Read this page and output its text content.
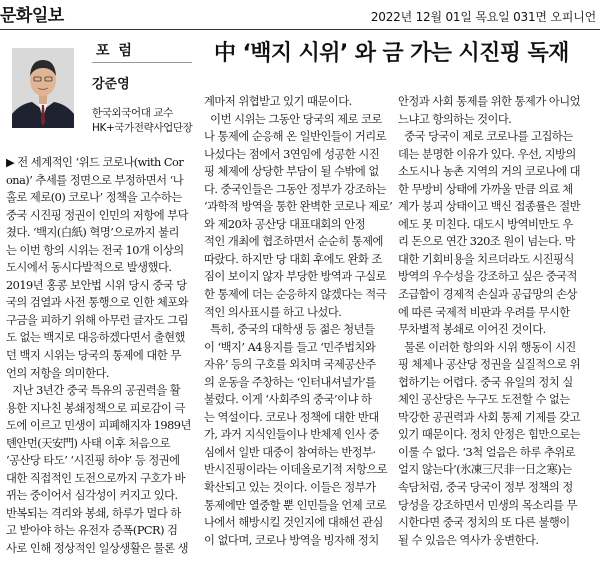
문화일보	2022년 12월 01일 목요일 031면 오피니언
포 럼
강준영
한국외국어대 교수
HK+국가전략사업단장
中 ‘백지 시위’ 와 금 가는 시진핑 독재
▶ 전 세계적인 ‘위드 코로나(with Cor
ona)’ 추세를 정면으로 부정하면서 ‘나
홀로 제로(0) 코로나’ 정책을 고수하는
중국 시진핑 정권이 인민의 저항에 부닥
쳤다. ‘백지(白紙) 혁명’으로까지 불리
는 이번 항의 시위는 전국 10개 이상의
도시에서 동시다발적으로 발생했다.
2019년 홍콩 보안법 시위 당시 중국 당
국의 검열과 사전 통행으로 인한 체포와
구금을 피하기 위해 아무런 글자도 그림
도 없는 백지로 대응하겠다면서 출현했
던 백지 시위는 당국의 통제에 대한 무
언의 저항을 의미한다.
지난 3년간 중국 특유의 공권력을 활
용한 지나친 봉쇄정책으로 피로감이 극
도에 이르고 민생이 피폐해지자 1989년
톈안먼(天安門) 사태 이후 처음으로
‘공산당 타도’ ‘시진핑 하야’ 등 정권에
대한 직접적인 도전으로까지 구호가 바
뀌는 중이어서 심각성이 커지고 있다.
반복되는 격리와 봉쇄, 하루가 멀다 하
고 받아야 하는 유전자 증폭(PCR) 검
사로 인해 정상적인 일상생활은 물론 생
계마저 위협받고 있기 때문이다.
이번 시위는 그동안 당국의 제로 코로
나 통제에 순응해 온 일반인들이 거리로
나섰다는 점에서 3연임에 성공한 시진
핑 체제에 상당한 부담이 될 수밖에 없
다. 중국인들은 그동안 정부가 강조하는
‘과학적 방역을 통한 완벽한 코로나 제로’
와 제20차 공산당 대표대회의 안정
적인 개최에 협조하면서 순순히 통제에
따랐다. 하지만 당 대회 후에도 완화 조
짐이 보이지 않자 부당한 방역과 구실로
한 통제에 더는 순응하지 않겠다는 적극
적인 의사표시를 하고 나섰다.
특히, 중국의 대학생 등 젊은 청년들
이 ‘백지’ A4용지를 들고 ‘민주법치와
자유’ 등의 구호를 외치며 국제공산주
의 운동을 주창하는 ‘인터내셔널가’를
불렀다. 이게 ‘사회주의 중국’이냐 하
는 역설이다. 코로나 정책에 대한 반대
가, 과거 지식인들이나 반체제 인사 중
심에서 일반 대중이 참여하는 반정부·
반시진핑이라는 이데올로기적 저항으로
확산되고 있는 것이다. 이들은 정부가
통제에만 열중할 뿐 인민들을 언제 코로
나에서 해방시킬 것인지에 대해선 관심
이 없다며, 코로나 방역을 빙자해 정치
안정과 사회 통제를 위한 통제가 아니었
느냐고 항의하는 것이다.
중국 당국이 제로 코로나를 고집하는
데는 분명한 이유가 있다. 우선, 지방의
소도시나 농촌 지역의 거의 코로나에 대
한 무방비 상태에 가까울 만큼 의료 체
계가 붕괴 상태이고 백신 접종률은 절반
에도 못 미친다. 대도시 방역비만도 우
리 돈으로 연간 320조 원이 넘는다. 막
대한 기회비용을 치르더라도 시진핑식
방역의 우수성을 강조하고 싶은 중국적
조급함이 경제적 손실과 공급망의 손상
에 따른 국제적 비판과 우려를 무시한
무차별적 봉쇄로 이어진 것이다.
물론 이러한 항의와 시위 행동이 시진
핑 체제나 공산당 정권을 실질적으로 위
협하기는 어렵다. 중국 유일의 정치 실
체인 공산당은 누구도 도전할 수 없는
막강한 공권력과 사회 통제 기제를 갖고
있기 때문이다. 정치 안정은 힘만으로는
이룰 수 없다. ‘3척 얼음은 하루 추위로
얼지 않는다’(氷凍三尺非一日之寒)는
속담처럼, 중국 당국이 정부 정책의 정
당성을 강조하면서 민생의 목소리를 무
시한다면 중국 정치의 또 다른 불행이
될 수 있음은 역사가 웅변한다.
